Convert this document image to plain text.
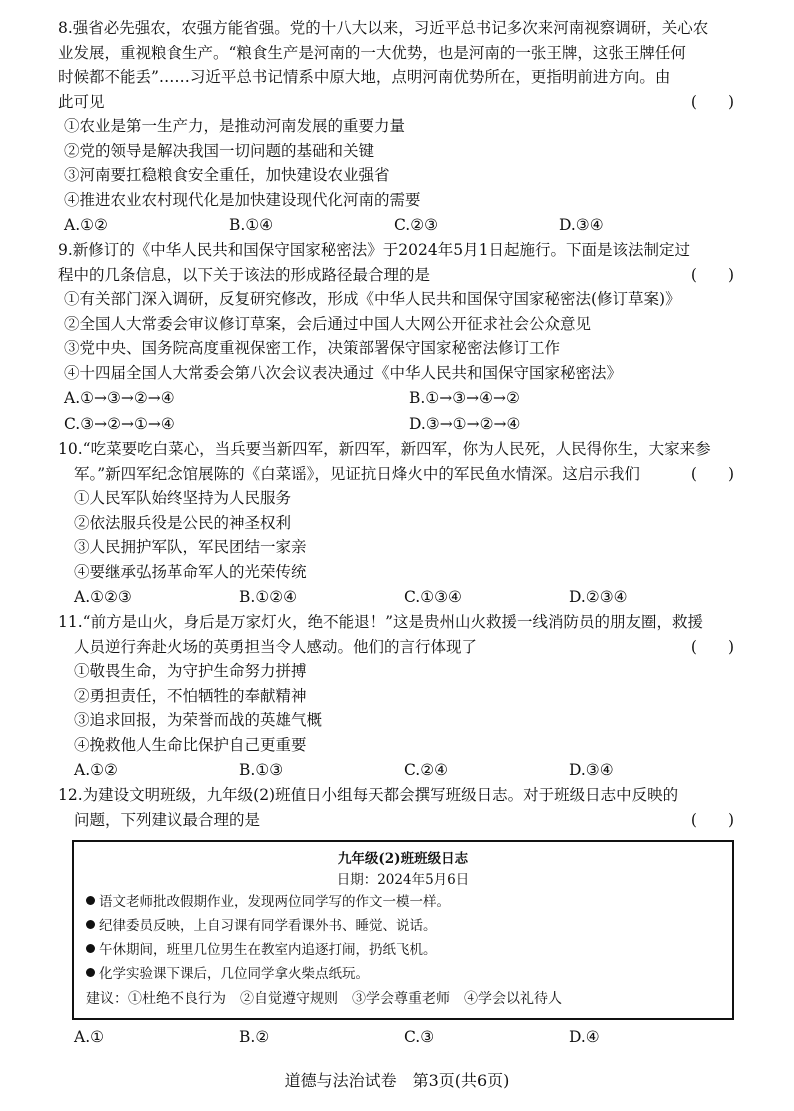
8.强省必先强农，农强方能省强。党的十八大以来，习近平总书记多次来河南视察调研，关心农
业发展，重视粮食生产。“粮食生产是河南的一大优势，也是河南的一张王牌，这张王牌任何
时候都不能丢”……习近平总书记情系中原大地，点明河南优势所在，更指明前进方向。由
此可见	(　　)
①农业是第一生产力，是推动河南发展的重要力量
②党的领导是解决我国一切问题的基础和关键
③河南要扛稳粮食安全重任，加快建设农业强省
④推进农业农村现代化是加快建设现代化河南的需要
A.①②	B.①④	C.②③	D.③④
9.新修订的《中华人民共和国保守国家秘密法》于2024年5月1日起施行。下面是该法制定过
程中的几条信息，以下关于该法的形成路径最合理的是	(　　)
①有关部门深入调研，反复研究修改，形成《中华人民共和国保守国家秘密法(修订草案)》
②全国人大常委会审议修订草案，会后通过中国人大网公开征求社会公众意见
③党中央、国务院高度重视保密工作，决策部署保守国家秘密法修订工作
④十四届全国人大常委会第八次会议表决通过《中华人民共和国保守国家秘密法》
A.①→③→②→④	B.①→③→④→②
C.③→②→①→④	D.③→①→②→④
10.“吃菜要吃白菜心，当兵要当新四军，新四军，新四军，你为人民死，人民得你生，大家来参
军。”新四军纪念馆展陈的《白菜谣》，见证抗日烽火中的军民鱼水情深。这启示我们	(　　)
①人民军队始终坚持为人民服务
②依法服兵役是公民的神圣权利
③人民拥护军队，军民团结一家亲
④要继承弘扬革命军人的光荣传统
A.①②③	B.①②④	C.①③④	D.②③④
11.“前方是山火，身后是万家灯火，绝不能退！”这是贵州山火救援一线消防员的朋友圈，救援
人员逆行奔赴火场的英勇担当令人感动。他们的言行体现了	(　　)
①敬畏生命，为守护生命努力拼搏
②勇担责任，不怕牺牲的奉献精神
③追求回报，为荣誉而战的英雄气概
④挽救他人生命比保护自己更重要
A.①②	B.①③	C.②④	D.③④
12.为建设文明班级，九年级(2)班值日小组每天都会撰写班级日志。对于班级日志中反映的
问题，下列建议最合理的是	(　　)
九年级(2)班班级日志
日期：2024年5月6日
语文老师批改假期作业，发现两位同学写的作文一模一样。
纪律委员反映，上自习课有同学看课外书、睡觉、说话。
午休期间，班里几位男生在教室内追逐打闹，扔纸飞机。
化学实验课下课后，几位同学拿火柴点纸玩。
建议：①杜绝不良行为　②自觉遵守规则　③学会尊重老师　④学会以礼待人
A.①	B.②	C.③	D.④
道德与法治试卷　第3页(共6页)
